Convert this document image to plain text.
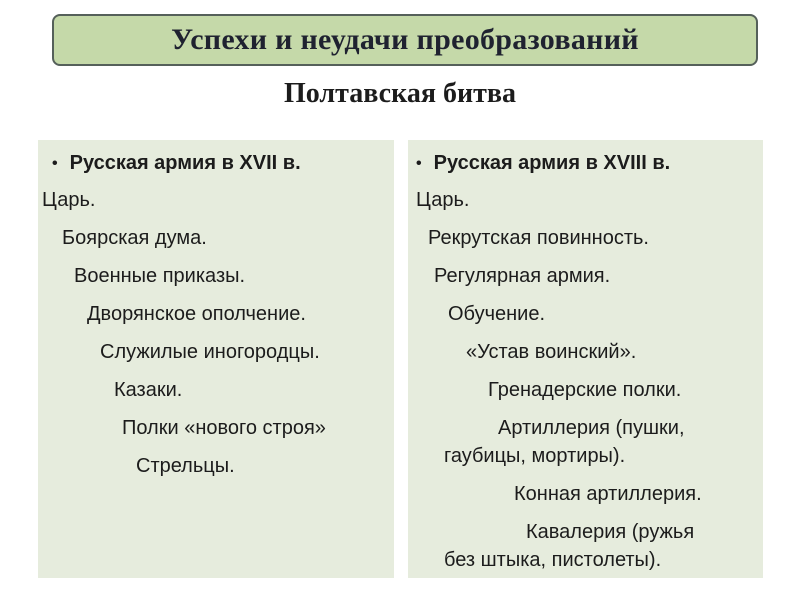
Успехи и неудачи преобразований
Полтавская битва
• Русская армия в XVII в.
Царь.
Боярская дума.
Военные приказы.
Дворянское ополчение.
Служилые иногородцы.
Казаки.
Полки «нового строя»
Стрельцы.
• Русская армия в XVIII в.
Царь.
Рекрутская повинность.
Регулярная армия.
Обучение.
«Устав воинский».
Гренадерские полки.
Артиллерия (пушки,
гаубицы, мортиры).
Конная артиллерия.
Кавалерия (ружья
без штыка, пистолеты).
